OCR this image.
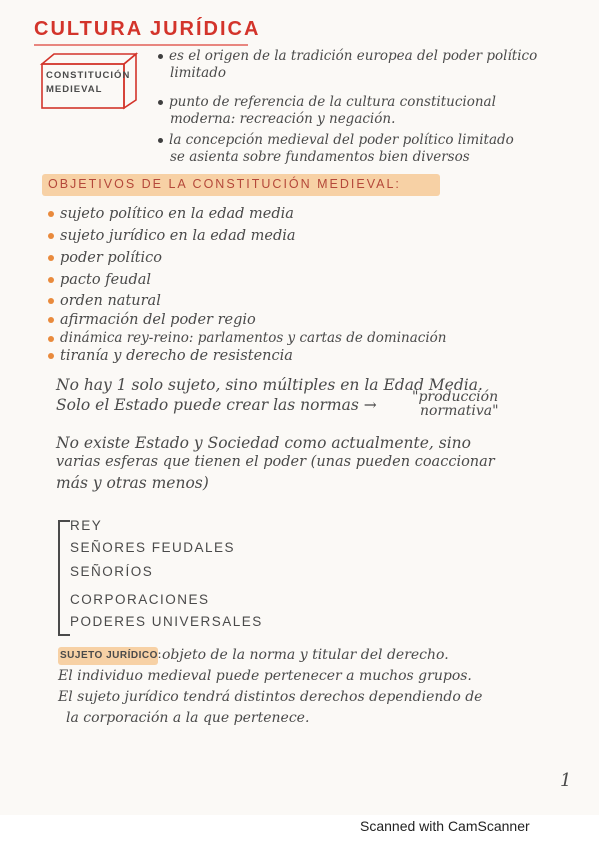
CULTURA JURÍDICA
CONSTITUCIÓN
MEDIEVAL
es el origen de la tradición europea del poder político
limitado
punto de referencia de la cultura constitucional
moderna: recreación y negación.
la concepción medieval del poder político limitado
se asienta sobre fundamentos bien diversos
OBJETIVOS DE LA CONSTITUCIÓN MEDIEVAL:
sujeto político en la edad media
sujeto jurídico en la edad media
poder político
pacto feudal
orden natural
afirmación del poder regio
dinámica rey-reino: parlamentos y cartas de dominación
tiranía y derecho de resistencia
No hay 1 solo sujeto, sino múltiples en la Edad Media.
Solo el Estado puede crear las normas →	"producción
normativa"
No existe Estado y Sociedad como actualmente, sino
varias esferas que tienen el poder (unas pueden coaccionar
más y otras menos)
REY
SEÑORES FEUDALES
SEÑORÍOS
CORPORACIONES
PODERES UNIVERSALES
SUJETO JURÍDICO: objeto de la norma y titular del derecho.
El individuo medieval puede pertenecer a muchos grupos.
El sujeto jurídico tendrá distintos derechos dependiendo de
la corporación a la que pertenece.
1
Scanned with CamScanner
